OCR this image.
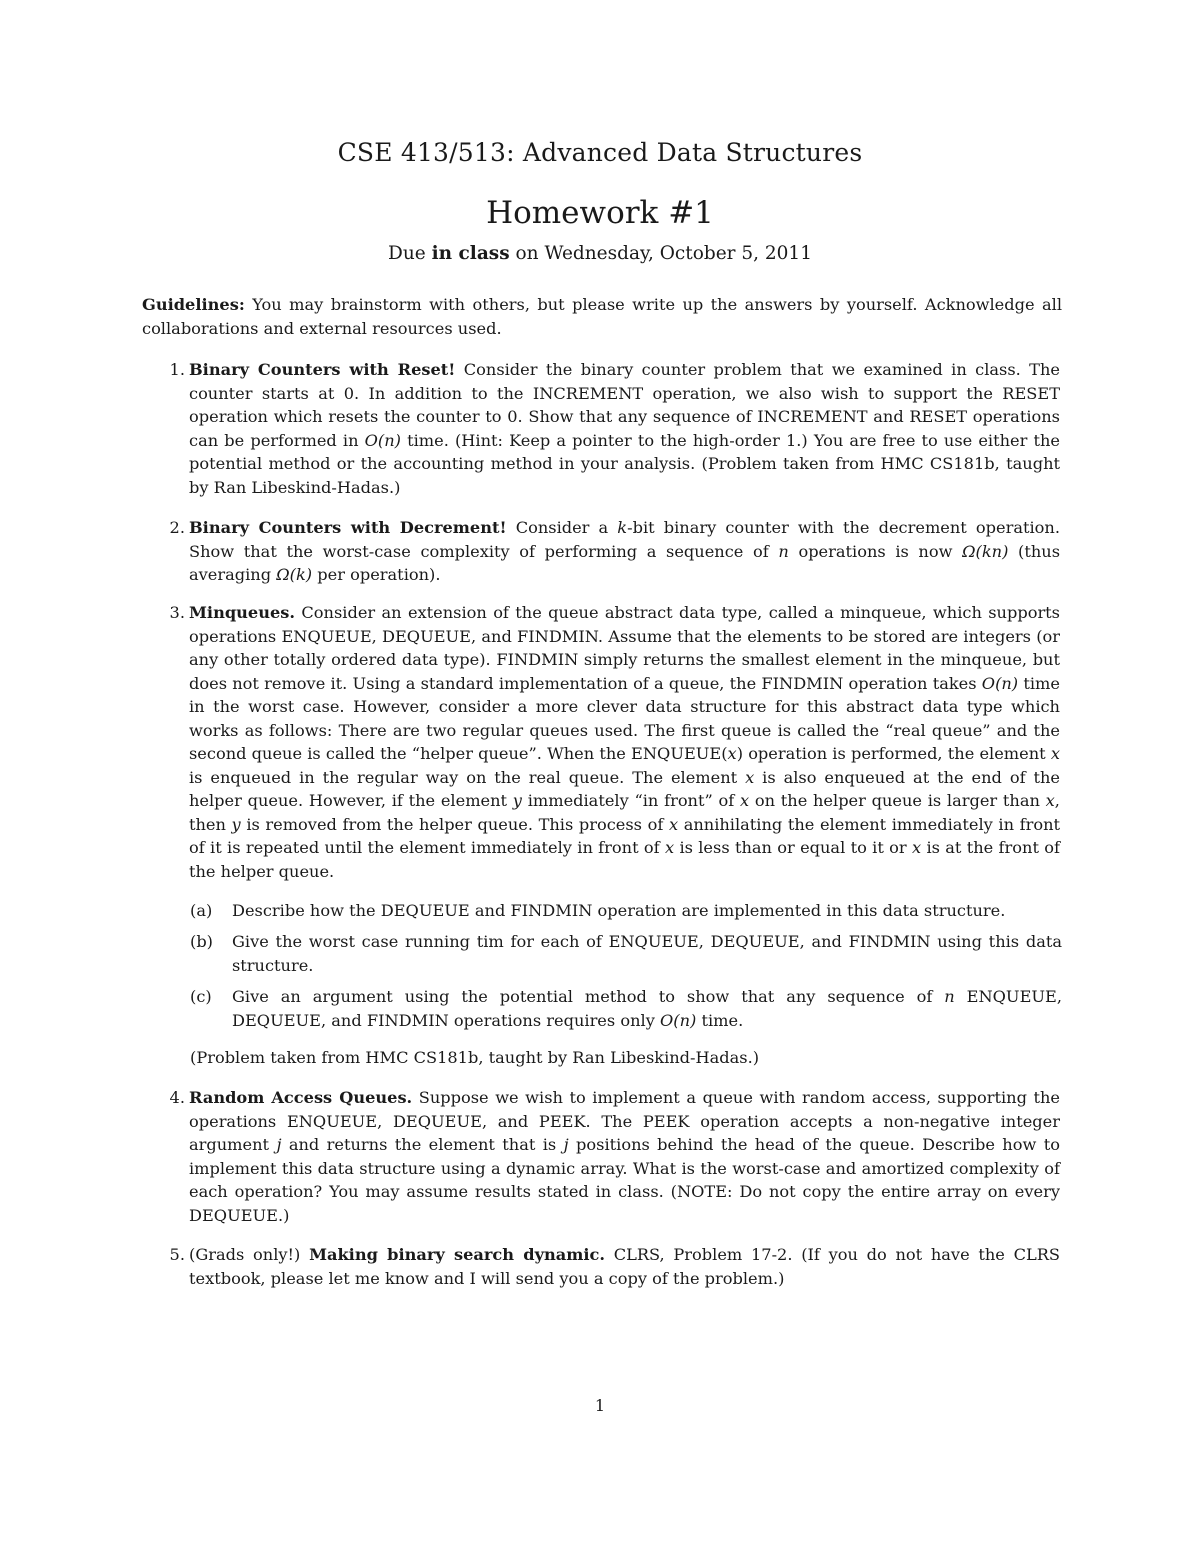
CSE 413/513: Advanced Data Structures
Homework #1
Due in class on Wednesday, October 5, 2011
Guidelines: You may brainstorm with others, but please write up the answers by yourself. Acknowledge all collaborations and external resources used.
1. Binary Counters with Reset! Consider the binary counter problem that we examined in class. The counter starts at 0. In addition to the INCREMENT operation, we also wish to support the RESET operation which resets the counter to 0. Show that any sequence of INCREMENT and RESET operations can be performed in O(n) time. (Hint: Keep a pointer to the high-order 1.) You are free to use either the potential method or the accounting method in your analysis. (Problem taken from HMC CS181b, taught by Ran Libeskind-Hadas.)
2. Binary Counters with Decrement! Consider a k-bit binary counter with the decrement operation. Show that the worst-case complexity of performing a sequence of n operations is now Ω(kn) (thus averaging Ω(k) per operation).
3. Minqueues. Consider an extension of the queue abstract data type, called a minqueue, which supports operations ENQUEUE, DEQUEUE, and FINDMIN. Assume that the elements to be stored are integers (or any other totally ordered data type). FINDMIN simply returns the smallest element in the minqueue, but does not remove it. Using a standard implementation of a queue, the FINDMIN operation takes O(n) time in the worst case. However, consider a more clever data structure for this abstract data type which works as follows: There are two regular queues used. The first queue is called the “real queue” and the second queue is called the “helper queue”. When the ENQUEUE(x) operation is performed, the element x is enqueued in the regular way on the real queue. The element x is also enqueued at the end of the helper queue. However, if the element y immediately “in front” of x on the helper queue is larger than x, then y is removed from the helper queue. This process of x annihilating the element immediately in front of it is repeated until the element immediately in front of x is less than or equal to it or x is at the front of the helper queue.
(a)	Describe how the DEQUEUE and FINDMIN operation are implemented in this data structure.
(b)	Give the worst case running tim for each of ENQUEUE, DEQUEUE, and FINDMIN using this data structure.
(c)	Give an argument using the potential method to show that any sequence of n ENQUEUE, DEQUEUE, and FINDMIN operations requires only O(n) time.
(Problem taken from HMC CS181b, taught by Ran Libeskind-Hadas.)
4. Random Access Queues. Suppose we wish to implement a queue with random access, supporting the operations ENQUEUE, DEQUEUE, and PEEK. The PEEK operation accepts a non-negative integer argument j and returns the element that is j positions behind the head of the queue. Describe how to implement this data structure using a dynamic array. What is the worst-case and amortized complexity of each operation? You may assume results stated in class. (NOTE: Do not copy the entire array on every DEQUEUE.)
5. (Grads only!) Making binary search dynamic. CLRS, Problem 17-2. (If you do not have the CLRS textbook, please let me know and I will send you a copy of the problem.)
1
